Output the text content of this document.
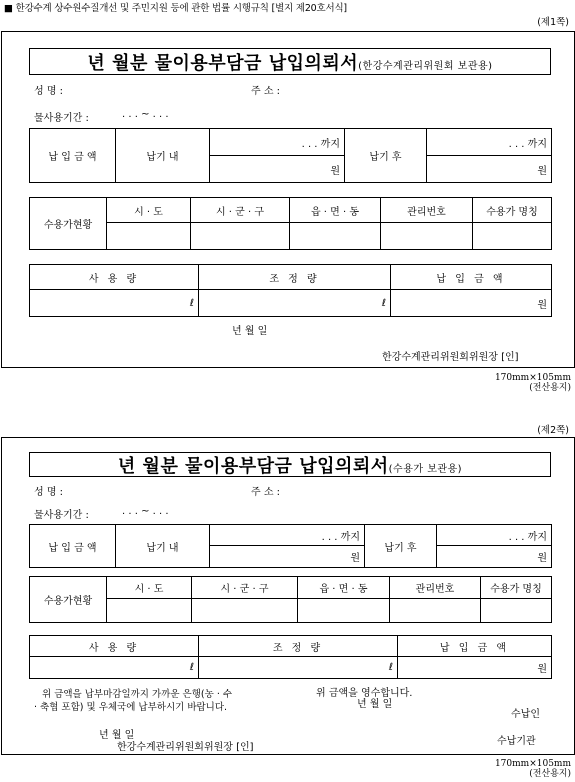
■ 한강수계 상수원수질개선 및 주민지원 등에 관한 법률 시행규칙 [별지 제20호서식]
(제1쪽)
년 월분 물이용부담금 납입의뢰서(한강수계관리위원회 보관용)
성 명 :	주 소 :
물사용기간 :	. . . ~ . . .
납 입 금 액	납기 내	. . . 까지	납기 후	. . . 까지
		원		원
수용가현황	시 · 도	시 · 군 · 구	읍 · 면 · 동	관리번호	수용가 명칭

사 용 량	조 정 량	납 입 금 액
ℓ	ℓ	원
년 월 일
한강수계관리위원회위원장 [인]
170mm×105mm
(전산용지)
(제2쪽)
년 월분 물이용부담금 납입의뢰서(수용가 보관용)
성 명 :	주 소 :
물사용기간 :	. . . ~ . . .
납 입 금 액	납기 내	. . . 까지	납기 후	. . . 까지
		원		원
수용가현황	시 · 도	시 · 군 · 구	읍 · 면 · 동	관리번호	수용가 명칭

사 용 량	조 정 량	납 입 금 액
ℓ	ℓ	원
위 금액을 납부마감일까지 가까운 은행(농 · 수
· 축협 포함) 및 우체국에 납부하시기 바랍니다.
년 월 일
한강수계관리위원회위원장 [인]
위 금액을 영수합니다.
년 월 일
수납인
수납기관
170mm×105mm
(전산용지)
